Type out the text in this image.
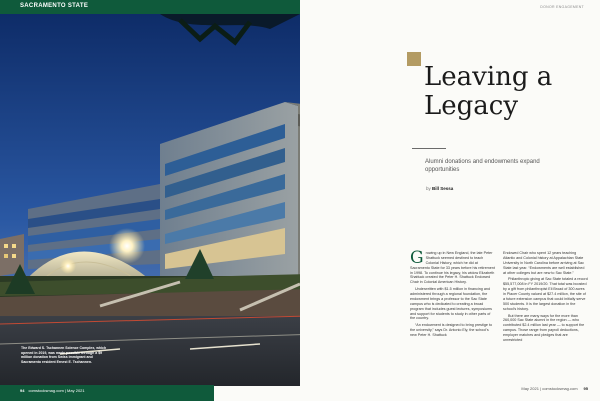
SACRAMENTO STATE
The Edward S. Tschannen Science Complex, which opened in 2019, was made possible through a $9 million donation from Swiss immigrant and Sacramento resident Ernest E. Tschannen.
94 comstocksmag.com | May 2021
DONOR ENGAGEMENT
Leaving a
Legacy
Alumni donations and endowments expand opportunities
by Bill Sessa

Growing up in New England, the late Peter Shattuck seemed destined to teach Colonial History, which he did at Sacramento State for 33 years before his retirement in 1998. To continue his legacy, his widow Elizabeth Shattuck created the Peter H. Shattuck Endowed Chair in Colonial American History.

Underwritten with $1.5 million in financing and administered through a regional foundation, the endowment brings a professor to the Sac State campus who is dedicated to creating a broad program that includes guest lectures, symposiums and support for students to study in other parts of the country.

“An endowment is designed to bring prestige to the university,” says Dr. Antonio Ely, the school’s new Peter H. Shattuck

Endowed Chair who spent 12 years teaching Atlantic and Colonial history at Appalachian State University in North Carolina before arriving at Sac State last year. “Endowments are well established at other colleges but are new to Sac State.”

Philanthropic giving at Sac State totaled a record $55,577,008 in FY 2019/20. That total was boosted by a gift from philanthropist Eli Broad of 300 acres in Placer County valued at $27.4 million, the site of a future extension campus that could initially serve 500 students. It is the largest donation in the school’s history.

But there are many ways for the more than 260,000 Sac State alumni in the region — who contributed $2.4 million last year — to support the campus. Those range from payroll deductions, employer matches and pledges that are unrestricted

May 2021 | comstocksmag.com 95
